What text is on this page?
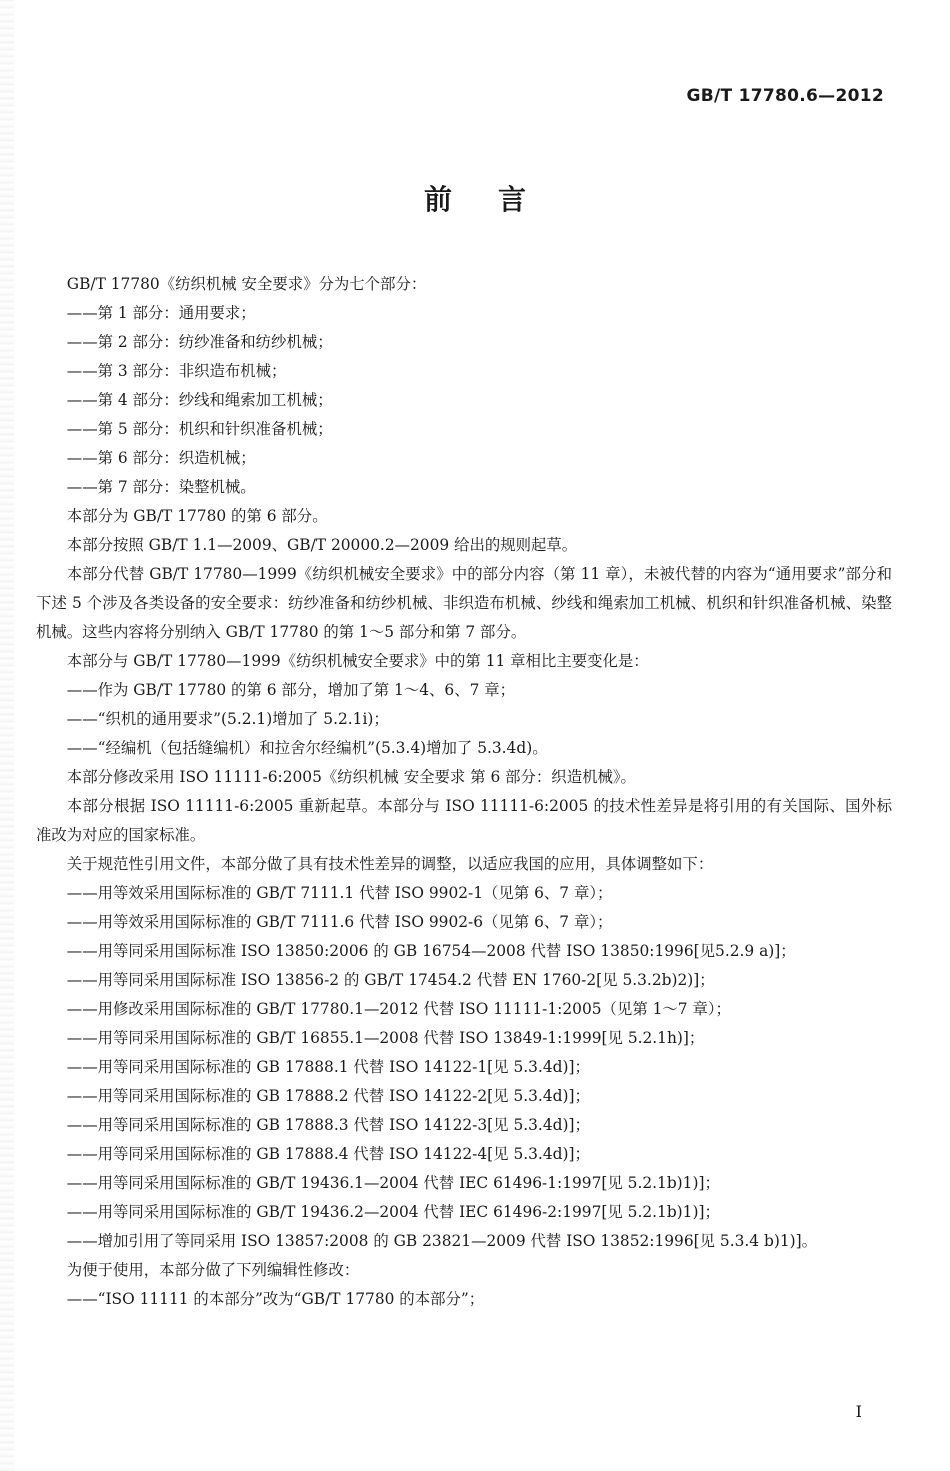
GB/T 17780.6—2012
前言

GB/T 17780《纺织机械 安全要求》分为七个部分：

——第 1 部分：通用要求；

——第 2 部分：纺纱准备和纺纱机械；

——第 3 部分：非织造布机械；

——第 4 部分：纱线和绳索加工机械；

——第 5 部分：机织和针织准备机械；

——第 6 部分：织造机械；

——第 7 部分：染整机械。

本部分为 GB/T 17780 的第 6 部分。

本部分按照 GB/T 1.1—2009、GB/T 20000.2—2009 给出的规则起草。

本部分代替 GB/T 17780—1999《纺织机械安全要求》中的部分内容（第 11 章），未被代替的内容为“通用要求”部分和下述 5 个涉及各类设备的安全要求：纺纱准备和纺纱机械、非织造布机械、纱线和绳索加工机械、机织和针织准备机械、染整机械。这些内容将分别纳入 GB/T 17780 的第 1～5 部分和第 7 部分。

本部分与 GB/T 17780—1999《纺织机械安全要求》中的第 11 章相比主要变化是：

——作为 GB/T 17780 的第 6 部分，增加了第 1～4、6、7 章；

——“织机的通用要求”(5.2.1)增加了 5.2.1i)；

——“经编机（包括缝编机）和拉舍尔经编机”(5.3.4)增加了 5.3.4d)。

本部分修改采用 ISO 11111-6:2005《纺织机械 安全要求 第 6 部分：织造机械》。

本部分根据 ISO 11111-6:2005 重新起草。本部分与 ISO 11111-6:2005 的技术性差异是将引用的有关国际、国外标准改为对应的国家标准。

关于规范性引用文件，本部分做了具有技术性差异的调整，以适应我国的应用，具体调整如下：

——用等效采用国际标准的 GB/T 7111.1 代替 ISO 9902-1（见第 6、7 章）；

——用等效采用国际标准的 GB/T 7111.6 代替 ISO 9902-6（见第 6、7 章）；

——用等同采用国际标准 ISO 13850:2006 的 GB 16754—2008 代替 ISO 13850:1996[见5.2.9 a)]；

——用等同采用国际标准 ISO 13856-2 的 GB/T 17454.2 代替 EN 1760-2[见 5.3.2b)2)]；

——用修改采用国际标准的 GB/T 17780.1—2012 代替 ISO 11111-1:2005（见第 1～7 章）；

——用等同采用国际标准的 GB/T 16855.1—2008 代替 ISO 13849-1:1999[见 5.2.1h)]；

——用等同采用国际标准的 GB 17888.1 代替 ISO 14122-1[见 5.3.4d)]；

——用等同采用国际标准的 GB 17888.2 代替 ISO 14122-2[见 5.3.4d)]；

——用等同采用国际标准的 GB 17888.3 代替 ISO 14122-3[见 5.3.4d)]；

——用等同采用国际标准的 GB 17888.4 代替 ISO 14122-4[见 5.3.4d)]；

——用等同采用国际标准的 GB/T 19436.1—2004 代替 IEC 61496-1:1997[见 5.2.1b)1)]；

——用等同采用国际标准的 GB/T 19436.2—2004 代替 IEC 61496-2:1997[见 5.2.1b)1)]；

——增加引用了等同采用 ISO 13857:2008 的 GB 23821—2009 代替 ISO 13852:1996[见 5.3.4 b)1)]。

为便于使用，本部分做了下列编辑性修改：

——“ISO 11111 的本部分”改为“GB/T 17780 的本部分”；

I
